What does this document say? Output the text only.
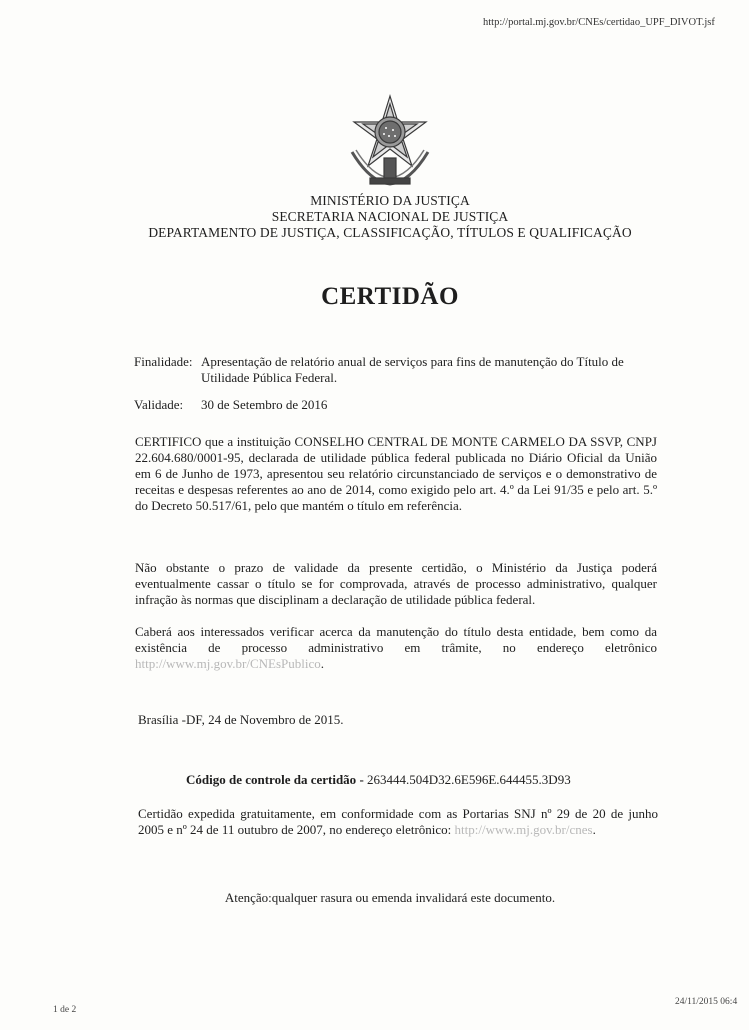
http://portal.mj.gov.br/CNEs/certidao_UPF_DIVOT.jsf
MINISTÉRIO DA JUSTIÇA
SECRETARIA NACIONAL DE JUSTIÇA
DEPARTAMENTO DE JUSTIÇA, CLASSIFICAÇÃO, TÍTULOS E QUALIFICAÇÃO
CERTIDÃO
Finalidade: Apresentação de relatório anual de serviços para fins de manutenção do Título de Utilidade Pública Federal.
Validade: 30 de Setembro de 2016
CERTIFICO que a instituição CONSELHO CENTRAL DE MONTE CARMELO DA SSVP, CNPJ 22.604.680/0001-95, declarada de utilidade pública federal publicada no Diário Oficial da União em 6 de Junho de 1973, apresentou seu relatório circunstanciado de serviços e o demonstrativo de receitas e despesas referentes ao ano de 2014, como exigido pelo art. 4.º da Lei 91/35 e pelo art. 5.º do Decreto 50.517/61, pelo que mantém o título em referência.
Não obstante o prazo de validade da presente certidão, o Ministério da Justiça poderá eventualmente cassar o título se for comprovada, através de processo administrativo, qualquer infração às normas que disciplinam a declaração de utilidade pública federal.
Caberá aos interessados verificar acerca da manutenção do título desta entidade, bem como da existência de processo administrativo em trâmite, no endereço eletrônico http://www.mj.gov.br/CNEsPublico.
Brasília -DF, 24 de Novembro de 2015.
Código de controle da certidão - 263444.504D32.6E596E.644455.3D93
Certidão expedida gratuitamente, em conformidade com as Portarias SNJ nº 29 de 20 de junho 2005 e nº 24 de 11 outubro de 2007, no endereço eletrônico: http://www.mj.gov.br/cnes.
Atenção:qualquer rasura ou emenda invalidará este documento.
1 de 2
24/11/2015 06:4
